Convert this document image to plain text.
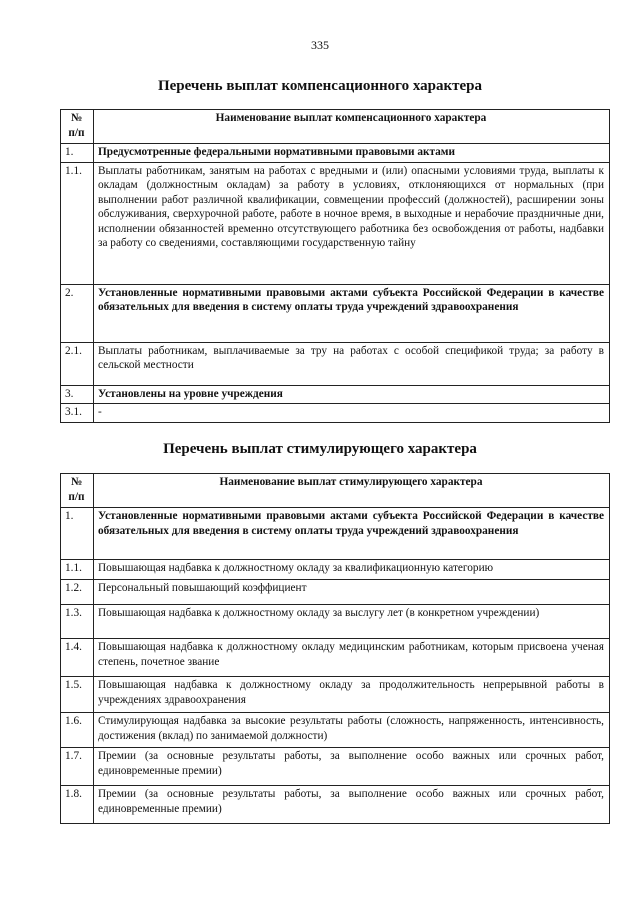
335
Перечень выплат компенсационного характера
№ п/п	Наименование выплат компенсационного характера
1.	Предусмотренные федеральными нормативными правовыми актами
1.1.	Выплаты работникам, занятым на работах с вредными и (или) опасными условиями труда, выплаты к окладам (должностным окладам) за работу в условиях, отклоняющихся от нормальных (при выполнении работ различной квалификации, совмещении профессий (должностей), расширении зоны обслуживания, сверхурочной работе, работе в ночное время, в выходные и нерабочие праздничные дни, исполнении обязанностей временно отсутствующего работника без освобождения от работы, надбавки за работу со сведениями, составляющими государственную тайну
2.	Установленные нормативными правовыми актами субъекта Российской Федерации в качестве обязательных для введения в систему оплаты труда учреждений здравоохранения
2.1.	Выплаты работникам, выплачиваемые за тру на работах с особой спецификой труда; за работу в сельской местности
3.	Установлены на уровне учреждения
3.1.	-
Перечень выплат стимулирующего характера
№ п/п	Наименование выплат стимулирующего характера
1.	Установленные нормативными правовыми актами субъекта Российской Федерации в качестве обязательных для введения в систему оплаты труда учреждений здравоохранения
1.1.	Повышающая надбавка к должностному окладу за квалификационную категорию
1.2.	Персональный повышающий коэффициент
1.3.	Повышающая надбавка к должностному окладу за выслугу лет (в конкретном учреждении)
1.4.	Повышающая надбавка к должностному окладу медицинским работникам, которым присвоена ученая степень, почетное звание
1.5.	Повышающая надбавка к должностному окладу за продолжительность непрерывной работы в учреждениях здравоохранения
1.6.	Стимулирующая надбавка за высокие результаты работы (сложность, напряженность, интенсивность, достижения (вклад) по занимаемой должности)
1.7.	Премии (за основные результаты работы, за выполнение особо важных или срочных работ, единовременные премии)
1.8.	Премии (за основные результаты работы, за выполнение особо важных или срочных работ, единовременные премии)
